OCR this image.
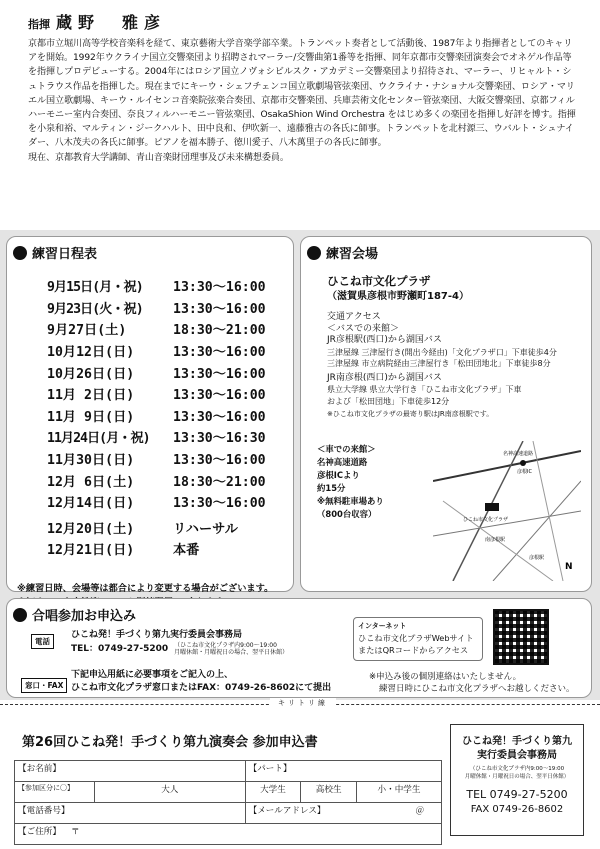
指揮 蔵野　雅彦

京都市立堀川高等学校音楽科を経て、東京藝術大学音楽学部卒業。トランペット奏者として活動後、1987年より指揮者としてのキャリアを開始。1992年ウクライナ国立交響楽団より招聘されマーラー/交響曲第1番等を指揮、同年京都市交響楽団演奏会でオネゲル作品等を指揮しプロデビューする。2004年にはロシア国立ノヴォシビルスク・アカデミー交響楽団より招待され、マーラー、リヒャルト・シュトラウス作品を指揮した。現在までにキーウ・シェフチェンコ国立歌劇場管弦楽団、ウクライナ・ナショナル交響楽団、ロシア・マリエル国立歌劇場、キーウ・ルイセンコ音楽院弦楽合奏団、京都市交響楽団、兵庫芸術文化センター管弦楽団、大阪交響楽団、京都フィルハーモニー室内合奏団、奈良フィルハーモニー管弦楽団、OsakaShion Wind Orchestra をはじめ多くの楽団を指揮し好評を博す。指揮を小泉和裕、マルティン・ジークハルト、田中良和、伊吹新一、遠藤雅古の各氏に師事。トランペットを北村源三、ウバルト・シュナイダー、八木茂夫の各氏に師事。ピアノを福本勝子、徳川愛子、八木萬里子の各氏に師事。

現在、京都教育大学講師、青山音楽財団理事及び未来構想委員。

練習日程表
9月15日(月・祝)	13:30～16:00
9月23日(火・祝)	13:30～16:00
9月27日(土)	18:30～21:00
10月12日(日)	13:30～16:00
10月26日(日)	13:30～16:00
11月 2日(日)	13:30～16:00
11月 9日(日)	13:30～16:00
11月24日(月・祝)	13:30～16:30
11月30日(日)	13:30～16:00
12月 6日(土)	18:30～21:00
12月14日(日)	13:30～16:00
12月20日(土)	リハーサル
12月21日(日)	本番
※練習日時、会場等は都合により変更する場合がございます。
練習会場
ひこね市文化プラザ
（滋賀県彦根市野瀬町187-4）
交通アクセス
＜バスでの来館＞
JR彦根駅(西口)から湖国バス
三津屋線 三津屋行き(開出今経由)「文化プラザ口」下車徒歩4分
三津屋線 市立病院経由三津屋行き「松田団地北」下車徒歩8分
JR南彦根(西口)から湖国バス
県立大学線 県立大学行き「ひこね市文化プラザ」下車
および「松田団地」下車徒歩12分
※ひこね市文化プラザの最寄り駅はJR南彦根駅です。
＜車での来館＞
名神高速道路
彦根ICより
約15分
※無料駐車場あり
（800台収容）
名神高速道路
彦根IC
ひこね市文化プラザ
南彦根駅
彦根駅
N
合唱参加お申込み
電話
ひこね発！手づくり第九実行委員会事務局
TEL：0749-27-5200 （ひこね市文化プラザ内9:00～19:00
月曜休館・月曜祝日の場合、翌平日休館）
窓口・FAX
下記申込用紙に必要事項をご記入の上、
ひこね市文化プラザ窓口またはFAX：0749-26-8602にて提出
インターネット
ひこね市文化プラザWebサイト
またはQRコードからアクセス
※申込み後の個別連絡はいたしません。
練習日時にひこね市文化プラザへお越しください。
キリトリ線
第26回ひこね発！手づくり第九演奏会 参加申込書
【お名前】		【パート】		
【参加区分に〇】	大人	大学生	高校生	小・中学生
【電話番号】		【メールアドレス】 ＠		
【ご住所】 〒				
ひこね発！手づくり第九
実行委員会事務局
（ひこね市文化プラザ内9:00～19:00
月曜休館・月曜祝日の場合、翌平日休館）
TEL 0749-27-5200
FAX 0749-26-8602
